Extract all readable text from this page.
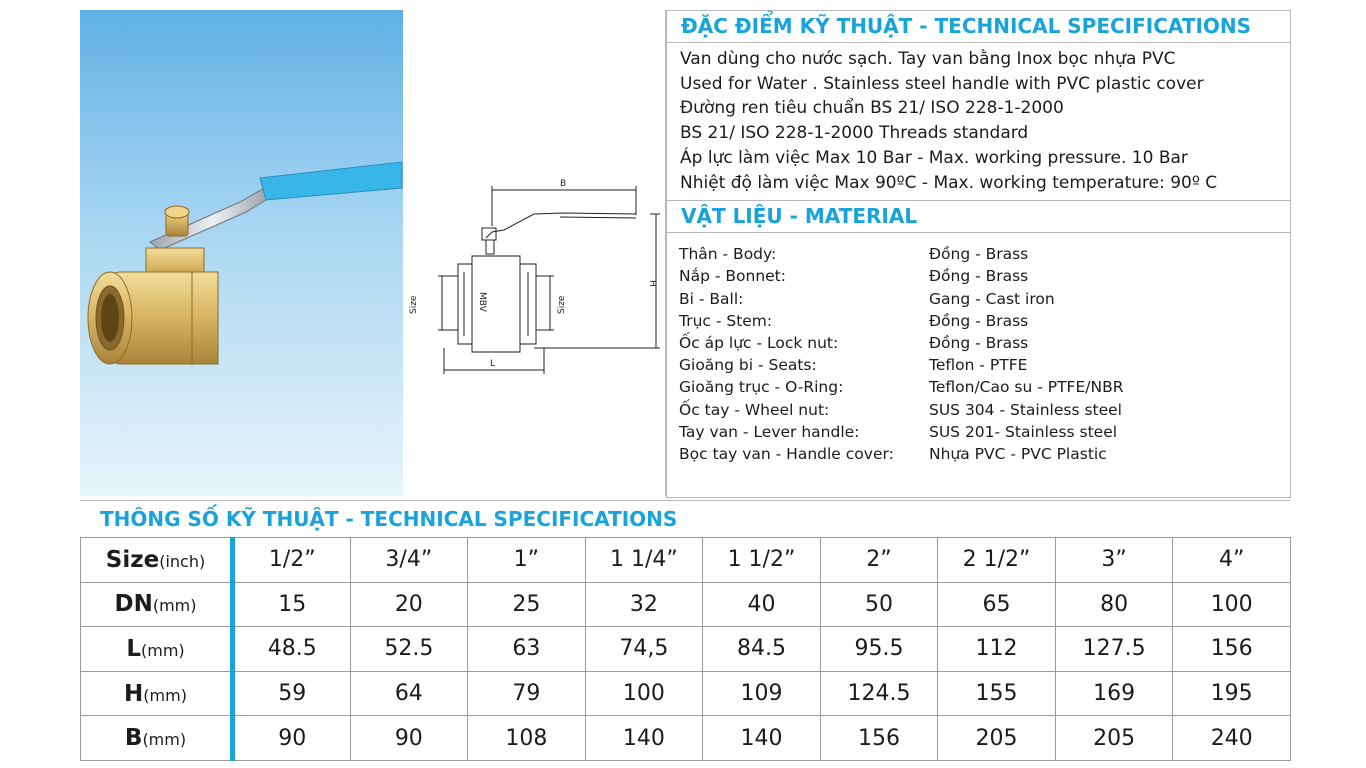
B
H
Size	Size
MBV
L
ĐẶC ĐIỂM KỸ THUẬT - TECHNICAL SPECIFICATIONS
Van dùng cho nước sạch. Tay van bằng Inox bọc nhựa PVC
Used for Water . Stainless steel handle with PVC plastic cover
Đường ren tiêu chuẩn BS 21/ ISO 228-1-2000
BS 21/ ISO 228-1-2000 Threads standard
Áp lực làm việc Max 10 Bar - Max. working pressure. 10 Bar
Nhiệt độ làm việc Max 90ºC - Max. working temperature: 90º C
VẬT LIỆU - MATERIAL
Thân - Body:	Đồng - Brass
Nắp - Bonnet:	Đồng - Brass
Bi - Ball:	Gang - Cast iron
Trục - Stem:	Đồng - Brass
Ốc áp lực - Lock nut:	Đồng - Brass
Gioăng bi - Seats:	Teflon - PTFE
Gioăng trục - O-Ring:	Teflon/Cao su - PTFE/NBR
Ốc tay - Wheel nut:	SUS 304 - Stainless steel
Tay van - Lever handle:	SUS 201- Stainless steel
Bọc tay van - Handle cover:	Nhựa PVC - PVC Plastic
THÔNG SỐ KỸ THUẬT - TECHNICAL SPECIFICATIONS
Size(inch)	1/2”	3/4”	1”	1 1/4”	1 1/2”	2”	2 1/2”	3”	4”
DN(mm)	15	20	25	32	40	50	65	80	100
L(mm)	48.5	52.5	63	74,5	84.5	95.5	112	127.5	156
H(mm)	59	64	79	100	109	124.5	155	169	195
B(mm)	90	90	108	140	140	156	205	205	240
